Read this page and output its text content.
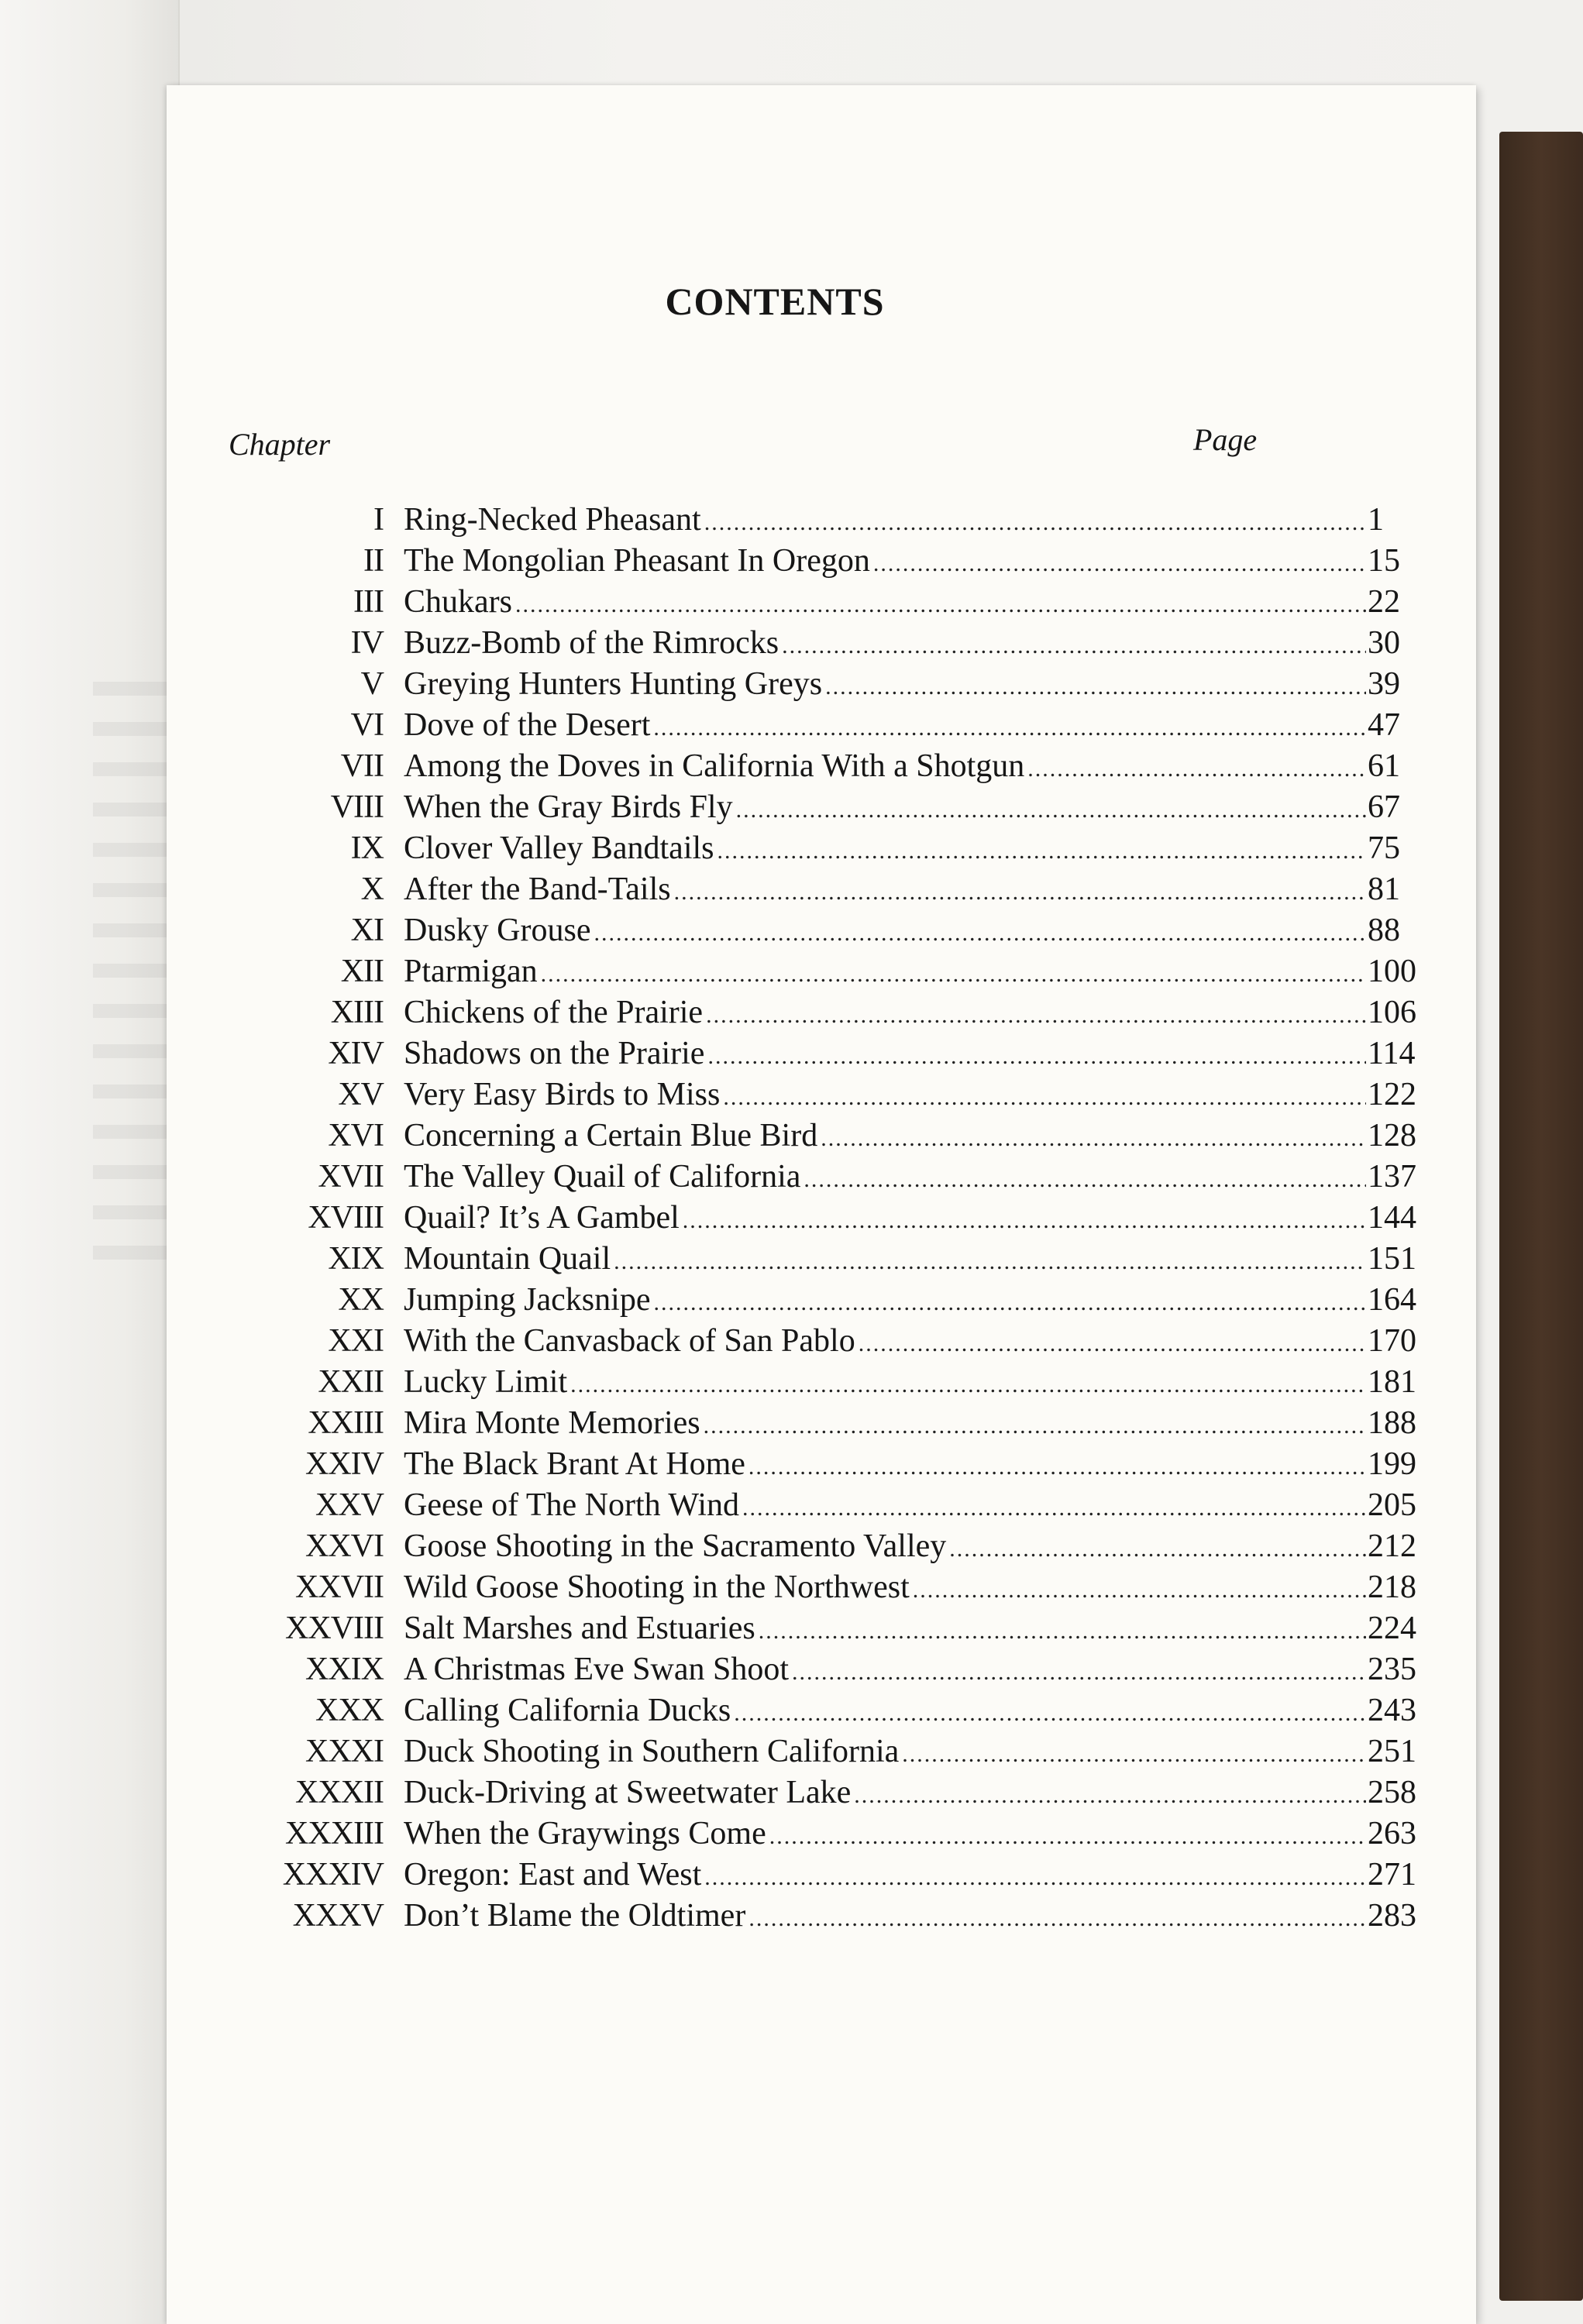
CONTENTS
Chapter	Page
I Ring-Necked Pheasant .....	1
II The Mongolian Pheasant In Oregon .....	15
III Chukars .....	22
IV Buzz-Bomb of the Rimrocks .....	30
V Greying Hunters Hunting Greys .....	39
VI Dove of the Desert .....	47
VII Among the Doves in California With a Shotgun .....	61
VIII When the Gray Birds Fly .....	67
IX Clover Valley Bandtails .....	75
X After the Band-Tails .....	81
XI Dusky Grouse .....	88
XII Ptarmigan .....	100
XIII Chickens of the Prairie .....	106
XIV Shadows on the Prairie .....	114
XV Very Easy Birds to Miss .....	122
XVI Concerning a Certain Blue Bird .....	128
XVII The Valley Quail of California .....	137
XVIII Quail? It’s A Gambel .....	144
XIX Mountain Quail .....	151
XX Jumping Jacksnipe .....	164
XXI With the Canvasback of San Pablo .....	170
XXII Lucky Limit .....	181
XXIII Mira Monte Memories .....	188
XXIV The Black Brant At Home .....	199
XXV Geese of The North Wind .....	205
XXVI Goose Shooting in the Sacramento Valley .....	212
XXVII Wild Goose Shooting in the Northwest .....	218
XXVIII Salt Marshes and Estuaries .....	224
XXIX A Christmas Eve Swan Shoot .....	235
XXX Calling California Ducks .....	243
XXXI Duck Shooting in Southern California .....	251
XXXII Duck-Driving at Sweetwater Lake .....	258
XXXIII When the Graywings Come .....	263
XXXIV Oregon: East and West .....	271
XXXV Don’t Blame the Oldtimer .....	283
